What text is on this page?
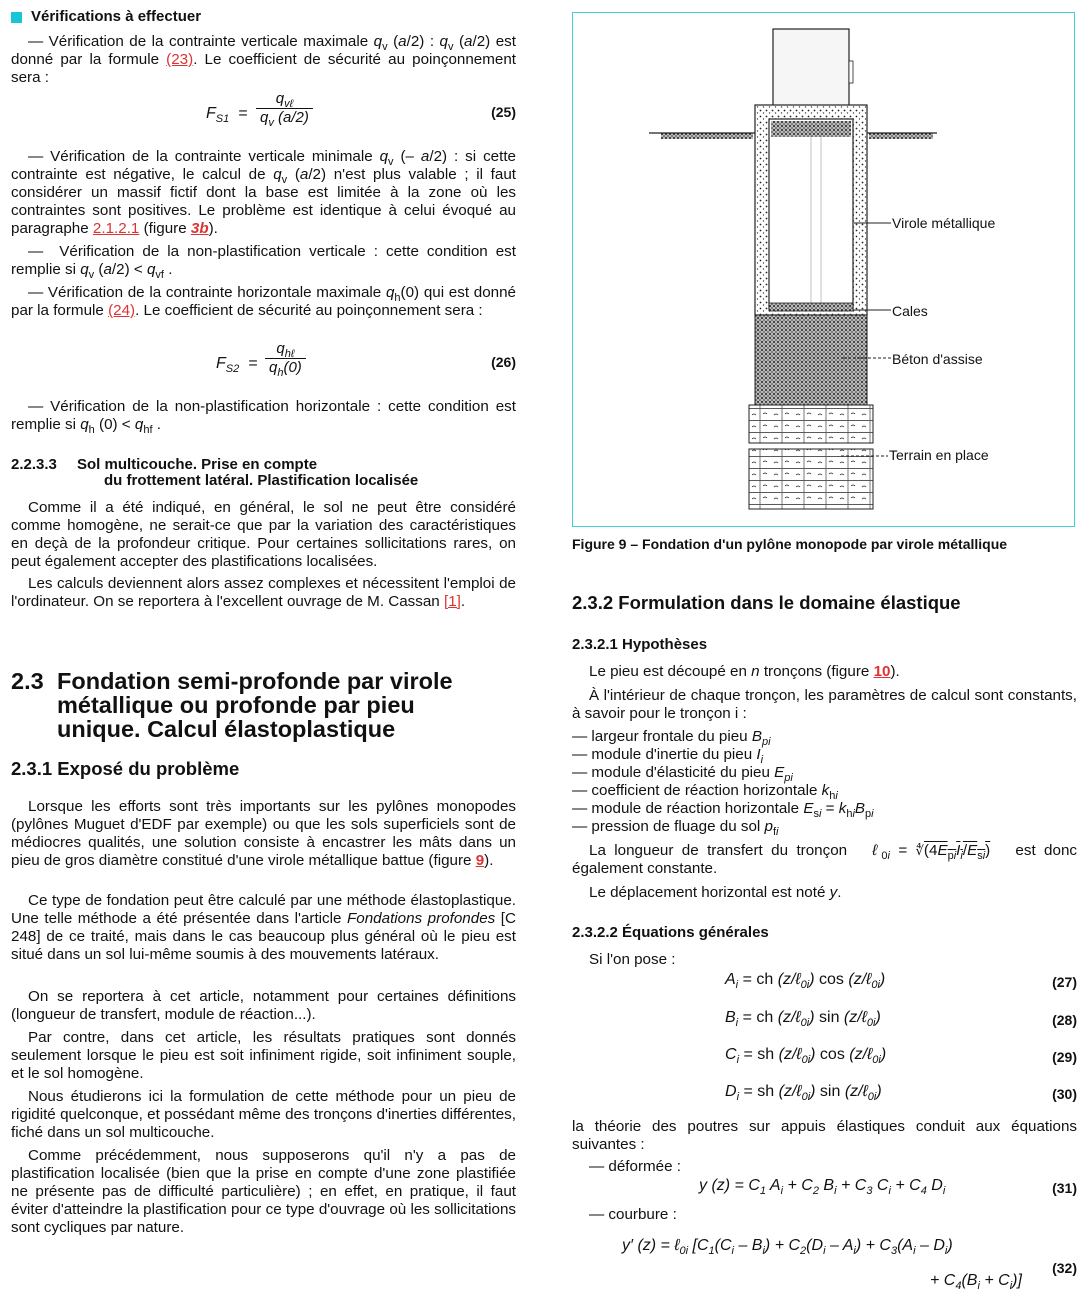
Vérifications à effectuer

— Vérification de la contrainte verticale maximale $q_v$ (a/2) : $q_v$ (a/2) est donné par la formule (23). Le coefficient de sécurité au poinçonnement sera :

$F_{S1}$  =
$q_{v\ell}$
$q_v$ (a/2)	(25)

— Vérification de la contrainte verticale minimale $q_v$ (– a/2) : si cette contrainte est négative, le calcul de $q_v$ (a/2) n'est plus valable ; il faut considérer un massif fictif dont la base est limitée à la zone où les contraintes sont positives. Le problème est identique à celui évoqué au paragraphe 2.1.2.1 (figure 3b).

—  Vérification de la non-plastification verticale : cette condition est remplie si $q_v$ $(a/2) < q_{vf}$ .

— Vérification de la contrainte horizontale maximale $q_h(0)$ qui est donné par la formule (24). Le coefficient de sécurité au poinçonnement sera :

$F_{S2}$  =
$q_{h\ell}$
$q_h(0)$	(26)

— Vérification de la non-plastification horizontale : cette condition est remplie si $q_h$ $(0) < q_{hf}$ .

2.2.3.3 Sol multicouche. Prise en compte
du frottement latéral. Plastification localisée

Comme il a été indiqué, en général, le sol ne peut être considéré comme homogène, ne serait-ce que par la variation des caractéristiques en deçà de la profondeur critique. Pour certaines sollicitations rares, on peut également accepter des plastifications localisées.

Les calculs deviennent alors assez complexes et nécessitent l'emploi de l'ordinateur. On se reportera à l'excellent ouvrage de M. Cassan [1].

2.3 Fondation semi-profonde par virole
métallique ou profonde par pieu
unique. Calcul élastoplastique
2.3.1 Exposé du problème

Lorsque les efforts sont très importants sur les pylônes monopodes (pylônes Muguet d'EDF par exemple) ou que les sols superficiels sont de médiocres qualités, une solution consiste à encastrer les mâts dans un pieu de gros diamètre constitué d'une virole métallique battue (figure 9).

Ce type de fondation peut être calculé par une méthode élastoplastique. Une telle méthode a été présentée dans l'article Fondations profondes [C 248] de ce traité, mais dans le cas beaucoup plus général où le pieu est situé dans un sol lui-même soumis à des mouvements latéraux.

On se reportera à cet article, notamment pour certaines définitions (longueur de transfert, module de réaction...).

Par contre, dans cet article, les résultats pratiques sont donnés seulement lorsque le pieu est soit infiniment rigide, soit infiniment souple, et le sol homogène.

Nous étudierons ici la formulation de cette méthode pour un pieu de rigidité quelconque, et possédant même des tronçons d'inerties différentes, fiché dans un sol multicouche.

Comme précédemment, nous supposerons qu'il n'y a pas de plastification localisée (bien que la prise en compte d'une zone plastifiée ne présente pas de difficulté particulière) ; en effet, en pratique, il faut éviter d'atteindre la plastification pour ce type d'ouvrage où les sollicitations sont cycliques par nature.

Virole métallique
Cales
Béton d'assise
Terrain en place
Figure 9 – Fondation d'un pylône monopode par virole métallique
2.3.2 Formulation dans le domaine élastique
2.3.2.1 Hypothèses

Le pieu est découpé en n tronçons (figure 10).

À l'intérieur de chaque tronçon, les paramètres de calcul sont constants, à savoir pour le tronçon i :

— largeur frontale du pieu $B_{pi}$

— module d'inertie du pieu $I_i$

— module d'élasticité du pieu $E_{pi}$

— coefficient de réaction horizontale $k_{hi}$

— module de réaction horizontale $E_{si} = k_{hi}B_{pi}$

— pression de fluage du sol $p_{fi}$

La longueur de transfert du tronçon   ℓ$_{0i}$ = $∜(4E_{pi}I_i/E_{si})$   est donc également constante.

Le déplacement horizontal est noté y.

2.3.2.2 Équations générales

Si l'on pose :

$A_i$ = ch (z/ℓ$_{0i}$) cos (z/ℓ$_{0i}$)	(27)
$B_i$ = ch (z/ℓ$_{0i}$) sin (z/ℓ$_{0i}$)	(28)
$C_i$ = sh (z/ℓ$_{0i}$) cos (z/ℓ$_{0i}$)	(29)
$D_i$ = sh (z/ℓ$_{0i}$) sin (z/ℓ$_{0i}$)	(30)

la théorie des poutres sur appuis élastiques conduit aux équations suivantes :

— déformée :

y $(z) = C_1$ $A_i + C_2$ $B_i + C_3$ $C_i + C_4$ $D_i$	(31)

— courbure :

y′ (z) = ℓ$_{0i}$ [$C_1(C_i - B_i) + C_2(D_i - A_i) + C_3(A_i - D_i)$
+ $C_4(B_i + C_i)$]
(32)
